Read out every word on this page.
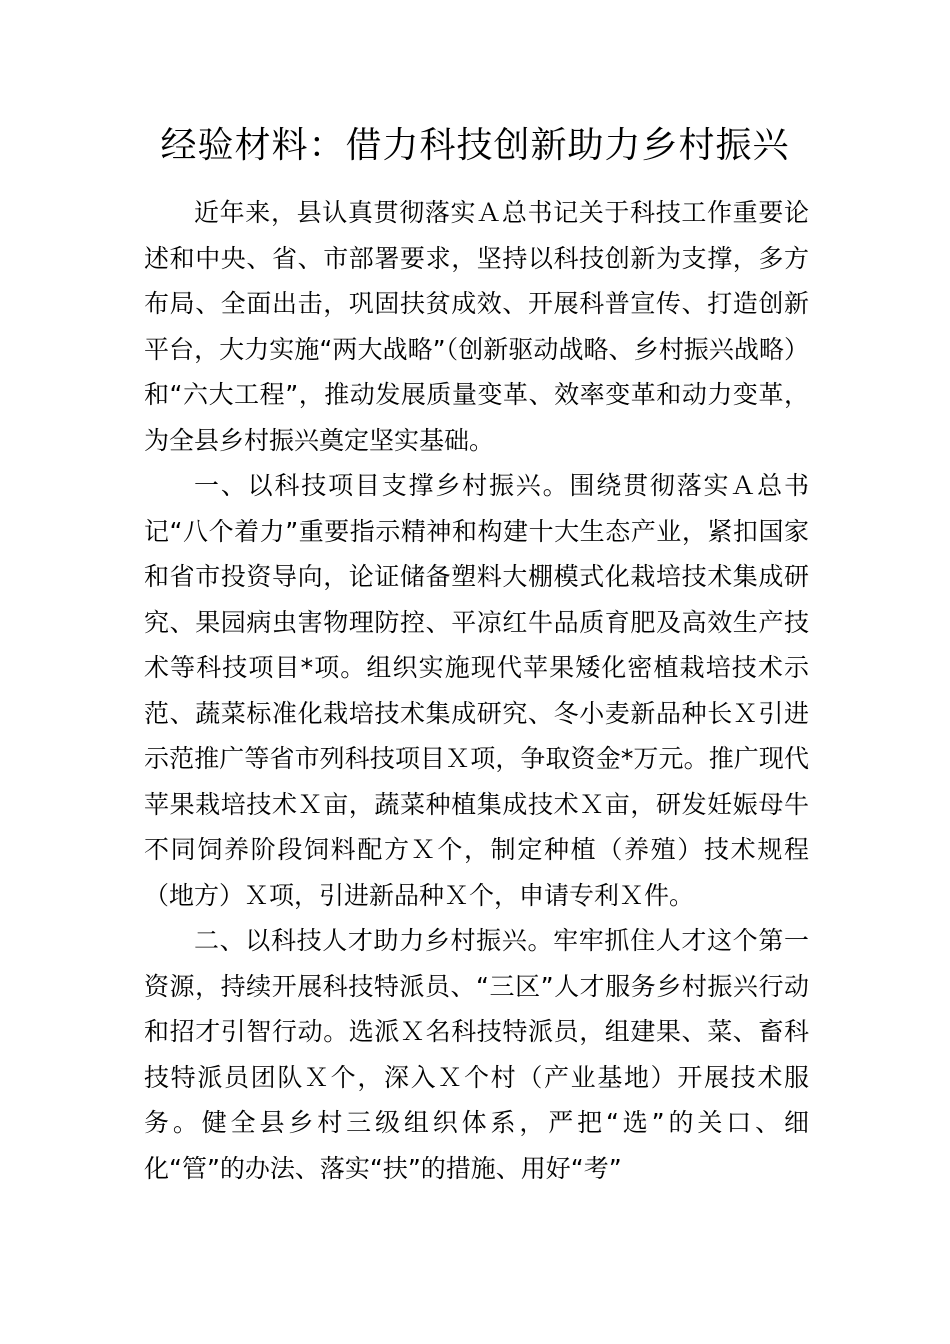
经验材料：借力科技创新助力乡村振兴

近年来，县认真贯彻落实Ａ总书记关于科技工作重要论述和中央、省、市部署要求，坚持以科技创新为支撑，多方布局、全面出击，巩固扶贫成效、开展科普宣传、打造创新平台，大力实施“两大战略”（创新驱动战略、乡村振兴战略）和“六大工程”，推动发展质量变革、效率变革和动力变革，为全县乡村振兴奠定坚实基础。

一、以科技项目支撑乡村振兴。围绕贯彻落实Ａ总书记“八个着力”重要指示精神和构建十大生态产业，紧扣国家和省市投资导向，论证储备塑料大棚模式化栽培技术集成研究、果园病虫害物理防控、平凉红牛品质育肥及高效生产技术等科技项目*项。组织实施现代苹果矮化密植栽培技术示范、蔬菜标准化栽培技术集成研究、冬小麦新品种长Ｘ引进示范推广等省市列科技项目Ｘ项，争取资金*万元。推广现代苹果栽培技术Ｘ亩，蔬菜种植集成技术Ｘ亩，研发妊娠母牛不同饲养阶段饲料配方Ｘ个，制定种植（养殖）技术规程（地方）Ｘ项，引进新品种Ｘ个，申请专利Ｘ件。

二、以科技人才助力乡村振兴。牢牢抓住人才这个第一资源，持续开展科技特派员、“三区”人才服务乡村振兴行动和招才引智行动。选派Ｘ名科技特派员，组建果、菜、畜科技特派员团队Ｘ个，深入Ｘ个村（产业基地）开展技术服务。健全县乡村三级组织体系，严把“选”的关口、细化“管”的办法、落实“扶”的措施、用好“考”
